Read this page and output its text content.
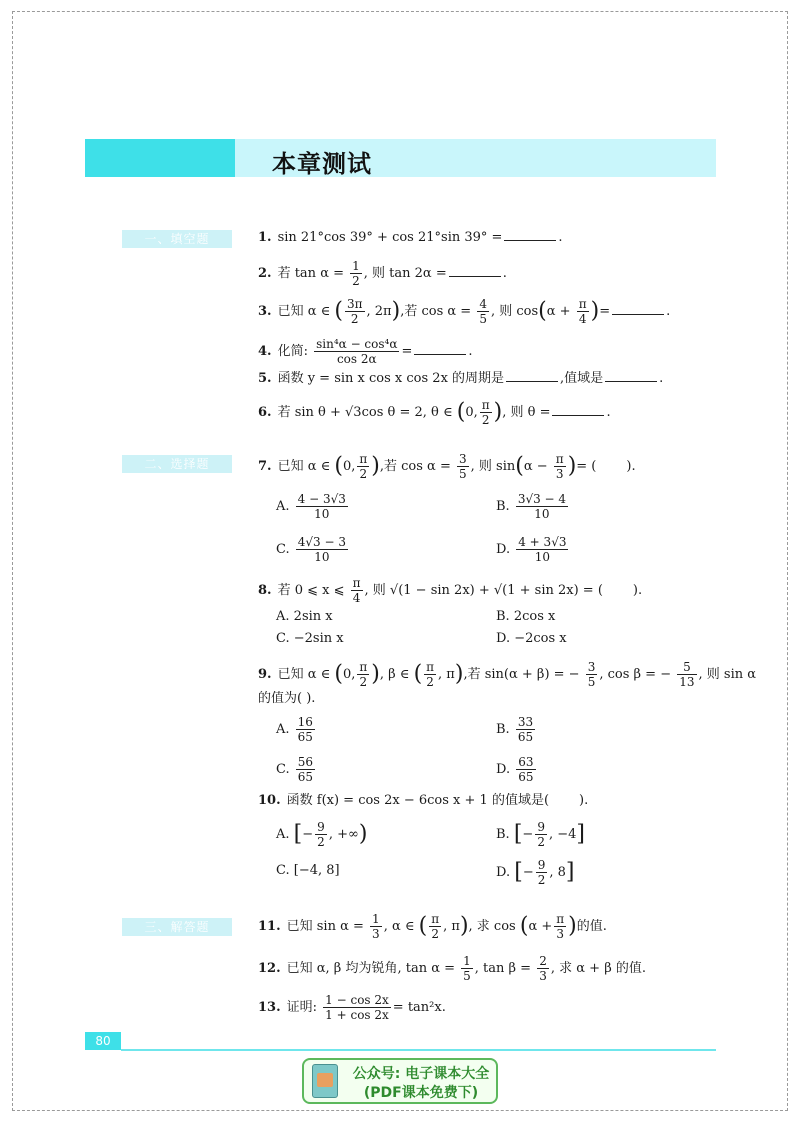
本章测试
一、填空题
二、选择题
三、解答题
1. sin 21°cos 39° + cos 21°sin 39° =	.
2. 若 $\tan \alpha = \frac{1}{2}$ , 则 tan 2α =	.
3. 已知 α ∈ ( $\frac{3\pi}{2}$ , 2π),若 $\cos \alpha = \frac{4}{5}$ , 则 $\cos(\alpha + \frac{\pi}{4}$ )=	.
4. 化简: $\frac{\text{sin⁴α − cos⁴α}}{\cos 2\alpha}$ =	.
5. 函数 y = sin x cos x cos 2x 的周期是	,值域是	.
6. 若 sin θ + √3cos θ = 2, θ ∈ (0, $\frac{\pi}{2}$ ), 则 θ =	.
7. 已知 α ∈ (0, $\frac{\pi}{2}$ ),若 $\cos \alpha = \frac{3}{5}$ , 则 $\sin(\alpha - \frac{\pi}{3}$ )= ( ).
A. $\frac{4 - 3√3}{10}$	B. $\frac{3√3 - 4}{10}$
C. $\frac{4√3 - 3}{10}$	D. $\frac{4 + 3√3}{10}$
8. 若 0 ⩽ x ⩽ $\frac{\pi}{4}$ , 则 √(1 − sin 2x) + √(1 + sin 2x) = ( ).
A. 2sin x	B. 2cos x
C. −2sin x	D. −2cos x
9. 已知 α ∈ (0, $\frac{\pi}{2}$ ), β ∈ ( $\frac{\pi}{2}$ , π),若 sin(α + β) = − $\frac{3}{5}$ , cos β = − $\frac{5}{13}$ , 则 sin α
的值为( ).
A. $\frac{16}{65}$	B. $\frac{33}{65}$
C. $\frac{56}{65}$	D. $\frac{63}{65}$
10. 函数 f(x) = cos 2x − 6cos x + 1 的值域是( ).
A. [− $\frac{9}{2}$ , +∞)	B. [− $\frac{9}{2}$ , −4]
C. [−4, 8]	D. [− $\frac{9}{2}$ , 8]
11. 已知 $\sin \alpha = \frac{1}{3}$ , α ∈ ( $\frac{\pi}{2}$ , π), 求 $\cos (\alpha + \frac{\pi}{3}$ )的值.
12. 已知 α, β 均为锐角, $\tan \alpha = \frac{1}{5}$ , $\tan \beta = \frac{2}{3}$ , 求 α + β 的值.
13. 证明: $\frac{1 - \cos 2x}{1 + \cos 2x} = \tan^2x$.
80
公众号: 电子课本大全
(PDF课本免费下)
